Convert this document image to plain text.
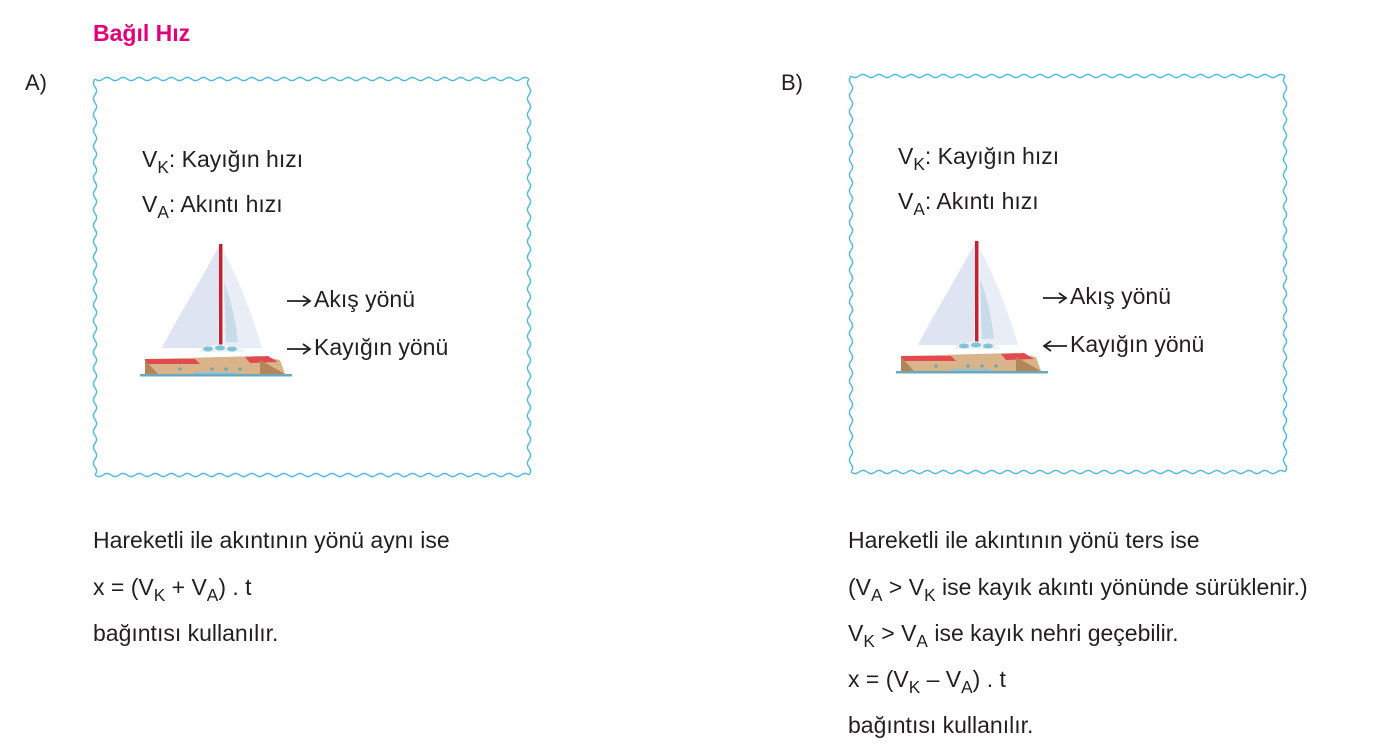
Bağıl Hız
A)
$V_K$: Kayığın hızı
$V_A$: Akıntı hızı
Akış yönü
Kayığın yönü
Hareketli ile akıntının yönü aynı ise
$x = (V_K + V_A)$ . t
bağıntısı kullanılır.
B)
$V_K$: Kayığın hızı
$V_A$: Akıntı hızı
Akış yönü
Kayığın yönü
Hareketli ile akıntının yönü ters ise
($V_A > V_K$ ise kayık akıntı yönünde sürüklenir.)
$V_K > V_A$ ise kayık nehri geçebilir.
$x = (V_K - V_A)$ . t
bağıntısı kullanılır.
